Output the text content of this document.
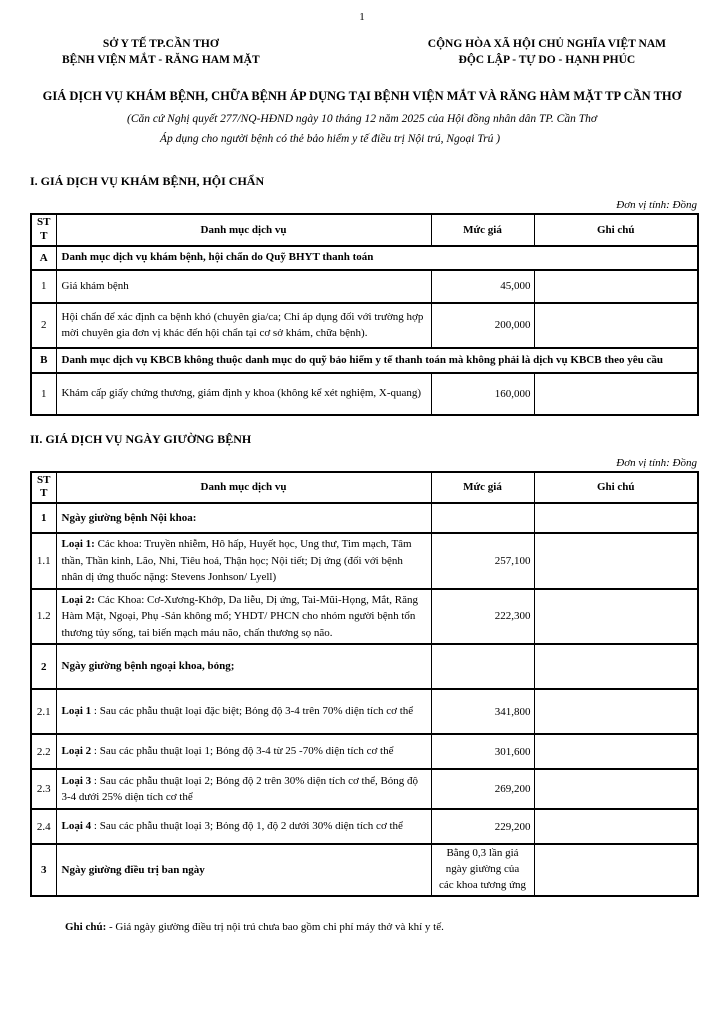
1
SỞ Y TẾ TP.CẦN THƠ
BỆNH VIỆN MẮT - RĂNG HAM MẶT
CỘNG HÒA XÃ HỘI CHỦ NGHĨA VIỆT NAM
ĐỘC LẬP - TỰ DO - HẠNH PHÚC
GIÁ DỊCH VỤ KHÁM BỆNH, CHỮA BỆNH ÁP DỤNG TẠI BỆNH VIỆN MẮT VÀ RĂNG HÀM MẶT TP CẦN THƠ
(Căn cứ Nghị quyết 277/NQ-HĐND ngày 10 tháng 12 năm 2025 của Hội đồng nhân dân TP. Cần Thơ
Áp dụng cho người bệnh có thẻ bảo hiểm y tế điều trị Nội trú, Ngoại Trú )
I. GIÁ DỊCH VỤ KHÁM BỆNH, HỘI CHẨN
Đơn vị tính: Đồng
STT	Danh mục dịch vụ	Mức giá	Ghi chú
A	Danh mục dịch vụ khám bệnh, hội chẩn do Quỹ BHYT thanh toán		
1	Giá khám bệnh	45,000	
2	Hội chẩn để xác định ca bệnh khó (chuyên gia/ca; Chỉ áp dụng đối với trường hợp mời chuyên gia đơn vị khác đến hội chẩn tại cơ sở khám, chữa bệnh).	200,000	
B	Danh mục dịch vụ KBCB không thuộc danh mục do quỹ bảo hiểm y tế thanh toán mà không phải là dịch vụ KBCB theo yêu cầu		
1	Khám cấp giấy chứng thương, giám định y khoa (không kể xét nghiệm, X-quang)	160,000	
II. GIÁ DỊCH VỤ NGÀY GIƯỜNG BỆNH
Đơn vị tính: Đồng
STT	Danh mục dịch vụ	Mức giá	Ghi chú
1	Ngày giường bệnh Nội khoa:		
1.1	Loại 1: Các khoa: Truyền nhiễm, Hô hấp, Huyết học, Ung thư, Tim mạch, Tâm thần, Thần kinh, Lão, Nhi, Tiêu hoá, Thận học; Nội tiết; Dị ứng (đối với bệnh nhân dị ứng thuốc nặng: Stevens Jonhson/ Lyell)	257,100	
1.2	Loại 2: Các Khoa: Cơ-Xương-Khớp, Da liễu, Dị ứng, Tai-Mũi-Họng, Mắt, Răng Hàm Mặt, Ngoại, Phụ -Sản không mổ; YHDT/ PHCN cho nhóm người bệnh tổn thương tủy sống, tai biến mạch máu não, chấn thương sọ não.	222,300	
2	Ngày giường bệnh ngoại khoa, bỏng;		
2.1	Loại 1 : Sau các phẫu thuật loại đặc biệt; Bỏng độ 3-4 trên 70% diện tích cơ thể	341,800	
2.2	Loại 2 : Sau các phẫu thuật loại 1; Bỏng độ 3-4 từ 25 -70% diện tích cơ thể	301,600	
2.3	Loại 3 : Sau các phẫu thuật loại 2; Bỏng độ 2 trên 30% diện tích cơ thể, Bỏng độ 3-4 dưới 25% diện tích cơ thể	269,200	
2.4	Loại 4 : Sau các phẫu thuật loại 3; Bỏng độ 1, độ 2 dưới 30% diện tích cơ thể	229,200	
3	Ngày giường điều trị ban ngày	Bằng 0,3 lần giá ngày giường của các khoa tương ứng	
Ghi chú: - Giá ngày giường điều trị nội trú chưa bao gồm chi phí máy thở và khí y tế.
